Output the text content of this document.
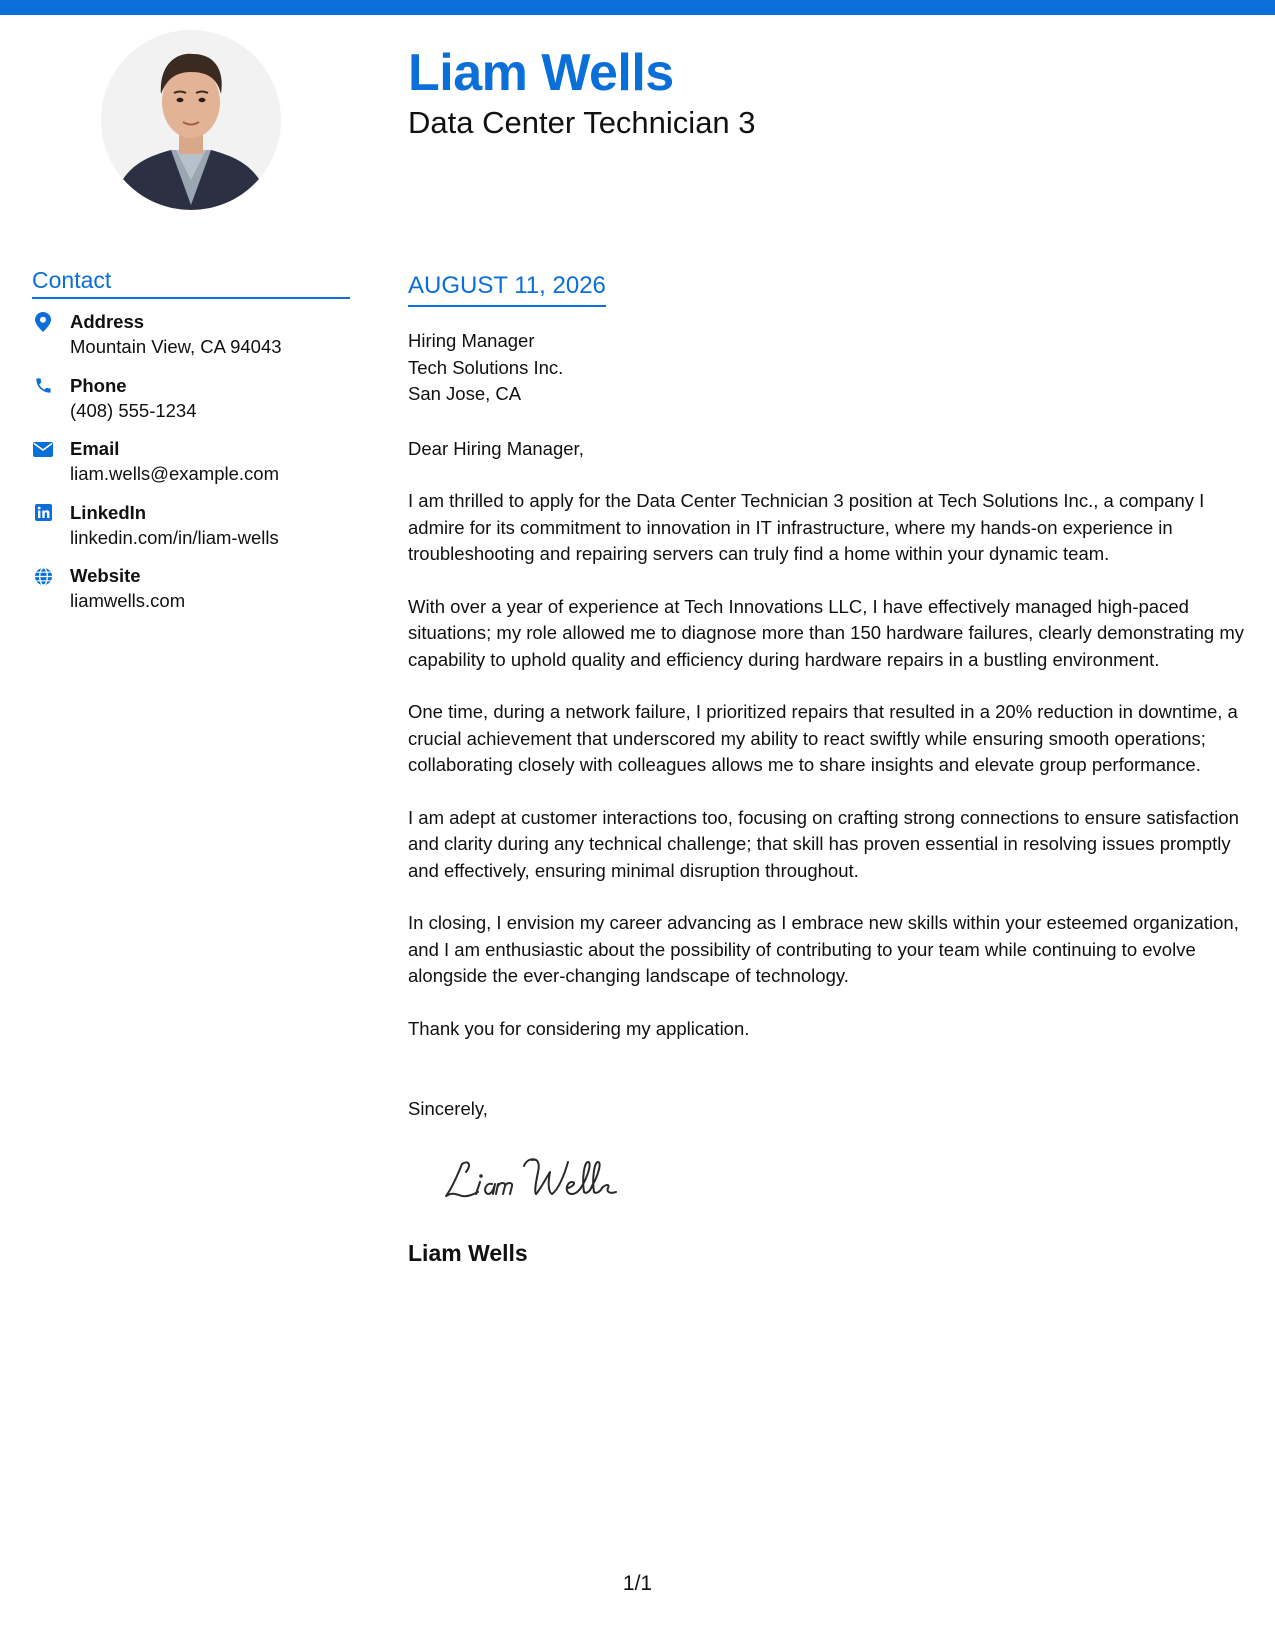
Liam Wells
Data Center Technician 3
Contact
Address
Mountain View, CA 94043
Phone
(408) 555-1234
Email
liam.wells@example.com
LinkedIn
linkedin.com/in/liam-wells
Website
liamwells.com
AUGUST 11, 2026
Hiring Manager
Tech Solutions Inc.
San Jose, CA
Dear Hiring Manager,

I am thrilled to apply for the Data Center Technician 3 position at Tech Solutions Inc., a company I admire for its commitment to innovation in IT infrastructure, where my hands-on experience in troubleshooting and repairing servers can truly find a home within your dynamic team.

With over a year of experience at Tech Innovations LLC, I have effectively managed high-paced situations; my role allowed me to diagnose more than 150 hardware failures, clearly demonstrating my capability to uphold quality and efficiency during hardware repairs in a bustling environment.

One time, during a network failure, I prioritized repairs that resulted in a 20% reduction in downtime, a crucial achievement that underscored my ability to react swiftly while ensuring smooth operations; collaborating closely with colleagues allows me to share insights and elevate group performance.

I am adept at customer interactions too, focusing on crafting strong connections to ensure satisfaction and clarity during any technical challenge; that skill has proven essential in resolving issues promptly and effectively, ensuring minimal disruption throughout.

In closing, I envision my career advancing as I embrace new skills within your esteemed organization, and I am enthusiastic about the possibility of contributing to your team while continuing to evolve alongside the ever-changing landscape of technology.

Thank you for considering my application.

Sincerely,
Liam Wells
1/1
